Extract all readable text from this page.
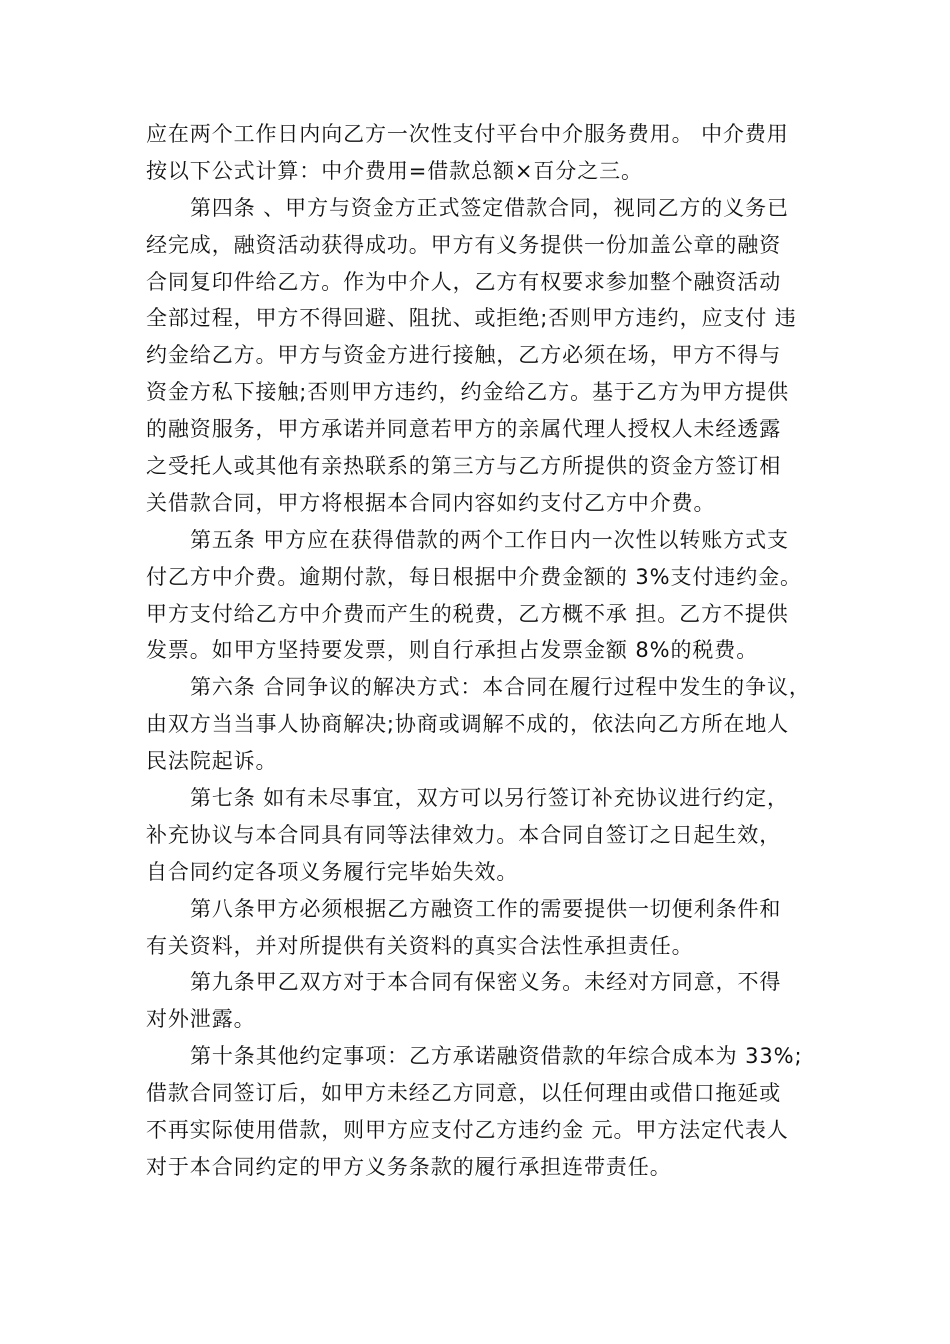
应在两个工作日内向乙方一次性支付平台中介服务费用。 中介费用
按以下公式计算：中介费用=借款总额×百分之三。
第四条 、甲方与资金方正式签定借款合同，视同乙方的义务已
经完成，融资活动获得成功。甲方有义务提供一份加盖公章的融资
合同复印件给乙方。作为中介人，乙方有权要求参加整个融资活动
全部过程，甲方不得回避、阻扰、或拒绝;否则甲方违约，应支付 违
约金给乙方。甲方与资金方进行接触，乙方必须在场，甲方不得与
资金方私下接触;否则甲方违约，约金给乙方。基于乙方为甲方提供
的融资服务，甲方承诺并同意若甲方的亲属代理人授权人未经透露
之受托人或其他有亲热联系的第三方与乙方所提供的资金方签订相
关借款合同，甲方将根据本合同内容如约支付乙方中介费。
第五条 甲方应在获得借款的两个工作日内一次性以转账方式支
付乙方中介费。逾期付款，每日根据中介费金额的 3%支付违约金。
甲方支付给乙方中介费而产生的税费，乙方概不承 担。乙方不提供
发票。如甲方坚持要发票，则自行承担占发票金额 8%的税费。
第六条 合同争议的解决方式：本合同在履行过程中发生的争议，
由双方当当事人协商解决;协商或调解不成的，依法向乙方所在地人
民法院起诉。
第七条 如有未尽事宜，双方可以另行签订补充协议进行约定，
补充协议与本合同具有同等法律效力。本合同自签订之日起生效，
自合同约定各项义务履行完毕始失效。
第八条甲方必须根据乙方融资工作的需要提供一切便利条件和
有关资料，并对所提供有关资料的真实合法性承担责任。
第九条甲乙双方对于本合同有保密义务。未经对方同意，不得
对外泄露。
第十条其他约定事项：乙方承诺融资借款的年综合成本为 33%;
借款合同签订后，如甲方未经乙方同意，以任何理由或借口拖延或
不再实际使用借款，则甲方应支付乙方违约金 元。甲方法定代表人
对于本合同约定的甲方义务条款的履行承担连带责任。
